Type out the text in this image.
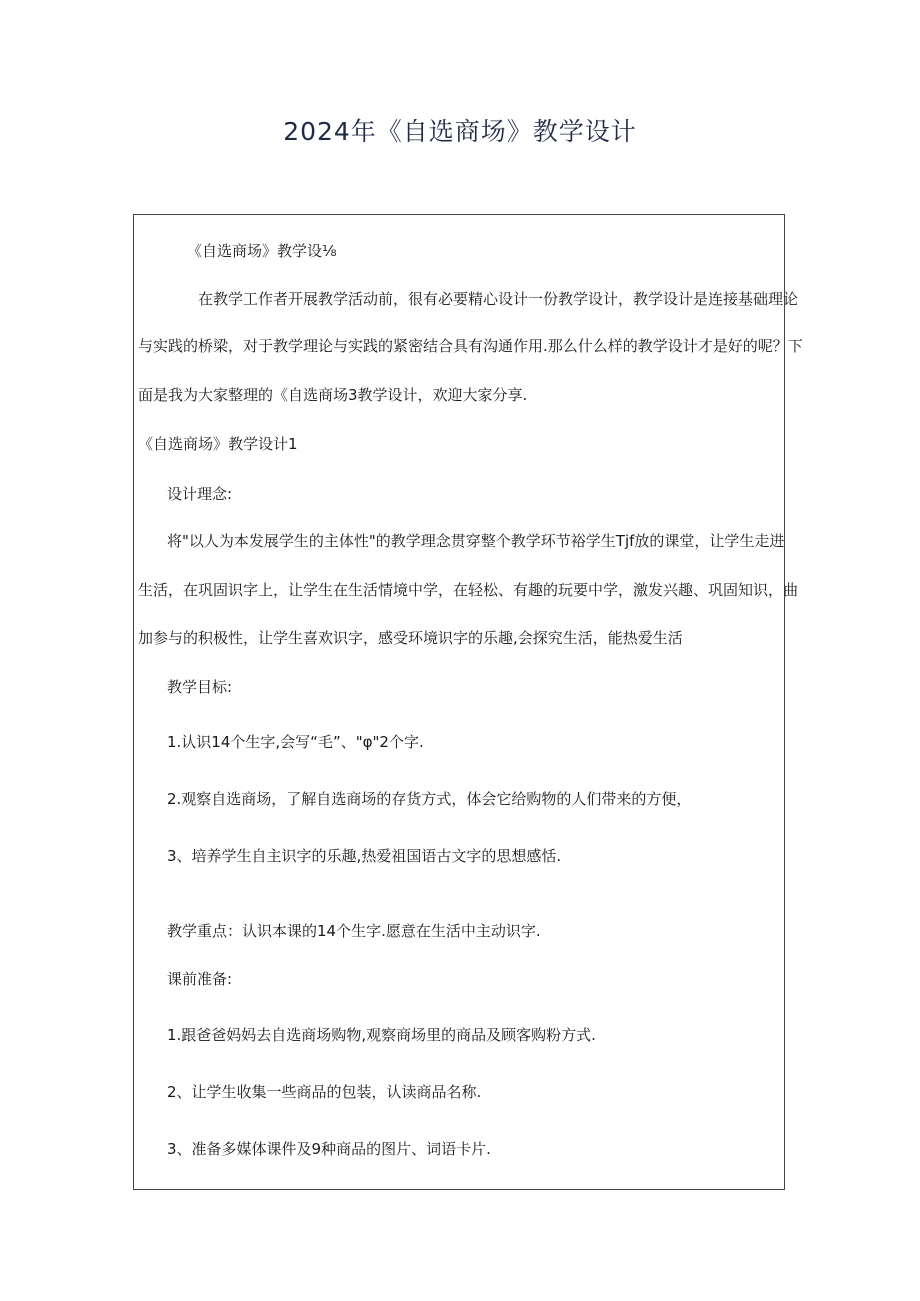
2024年《自选商场》教学设计
《自选商场》教学设⅛
在教学工作者开展教学活动前，很有必要精心设计一份教学设计，教学设计是连接基础理论
与实践的桥梁，对于教学理论与实践的紧密结合具有沟通作用.那么什么样的教学设计才是好的呢？下
面是我为大家整理的《自选商场3教学设计，欢迎大家分享.
《自选商场》教学设计1
设计理念:
将"以人为本发展学生的主体性"的教学理念贯穿整个教学环节裕学生Tjf放的课堂，让学生走进
生活，在巩固识字上，让学生在生活情境中学，在轻松、有趣的玩要中学，激发兴趣、巩固知识，曲
加参与的积极性，让学生喜欢识字，感受环境识字的乐趣,会探究生活，能热爱生活
教学目标:
1.认识14个生字,会写“毛”、"φ"2个字.
2.观察自选商场，了解自选商场的存货方式，体会它给购物的人们带来的方便，
3、培养学生自主识字的乐趣,热爱祖国语古文字的思想感恬.
教学重点：认识本课的14个生字.愿意在生活中主动识字.
课前准备:
1.跟爸爸妈妈去自选商场购物,观察商场里的商品及顾客购粉方式.
2、让学生收集一些商品的包装，认读商品名称.
3、准备多媒体课件及9种商品的图片、词语卡片.
